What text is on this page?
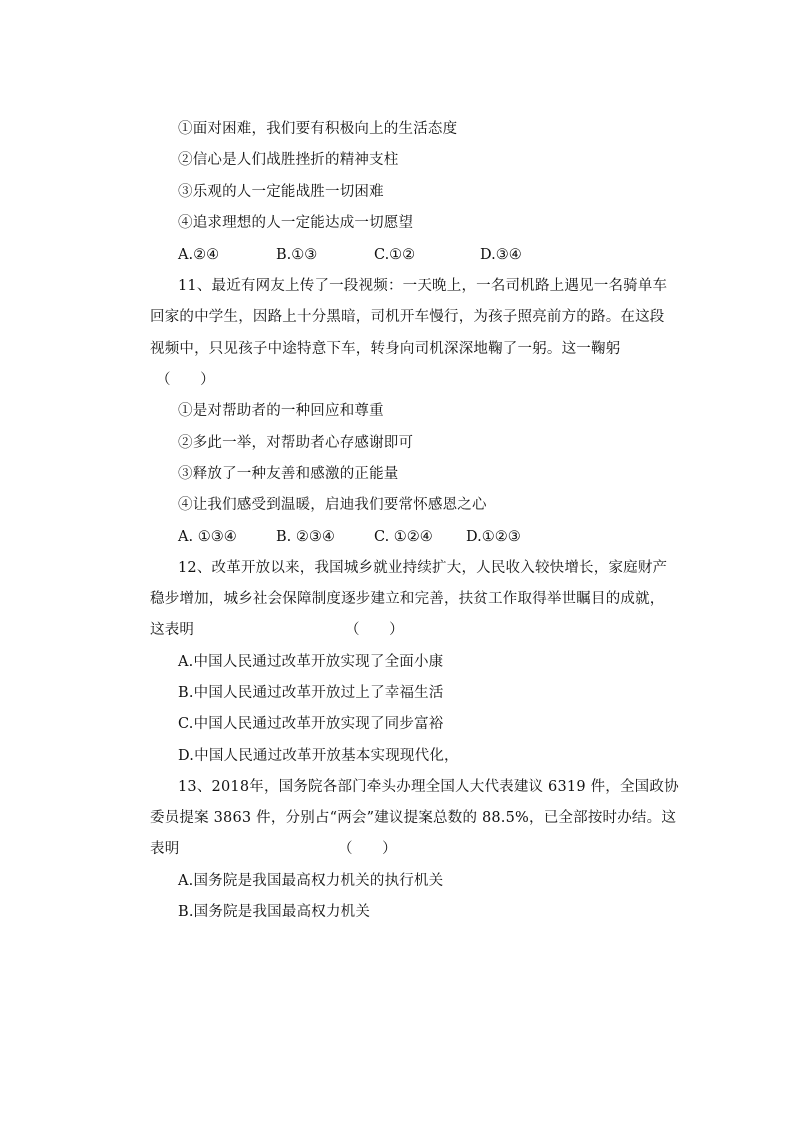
①面对困难，我们要有积极向上的生活态度
②信心是人们战胜挫折的精神支柱
③乐观的人一定能战胜一切困难
④追求理想的人一定能达成一切愿望
A.②④	B.①③	C.①②	D.③④
11、最近有网友上传了一段视频：一天晚上，一名司机路上遇见一名骑单车
回家的中学生，因路上十分黑暗，司机开车慢行，为孩子照亮前方的路。在这段
视频中，只见孩子中途特意下车，转身向司机深深地鞠了一躬。这一鞠躬
（　　）
①是对帮助者的一种回应和尊重
②多此一举，对帮助者心存感谢即可
③释放了一种友善和感激的正能量
④让我们感受到温暖，启迪我们要常怀感恩之心
A. ①③④	B. ②③④	C. ①②④ D.①②③
12、改革开放以来，我国城乡就业持续扩大，人民收入较快增长，家庭财产
稳步增加，城乡社会保障制度逐步建立和完善，扶贫工作取得举世瞩目的成就，
这表明	（　　）
A.中国人民通过改革开放实现了全面小康
B.中国人民通过改革开放过上了幸福生活
C.中国人民通过改革开放实现了同步富裕
D.中国人民通过改革开放基本实现现代化，
13、2018年，国务院各部门牵头办理全国人大代表建议 6319 件，全国政协
委员提案 3863 件，分别占“两会”建议提案总数的 88.5%，已全部按时办结。这
表明	（　　）
A.国务院是我国最高权力机关的执行机关
B.国务院是我国最高权力机关
